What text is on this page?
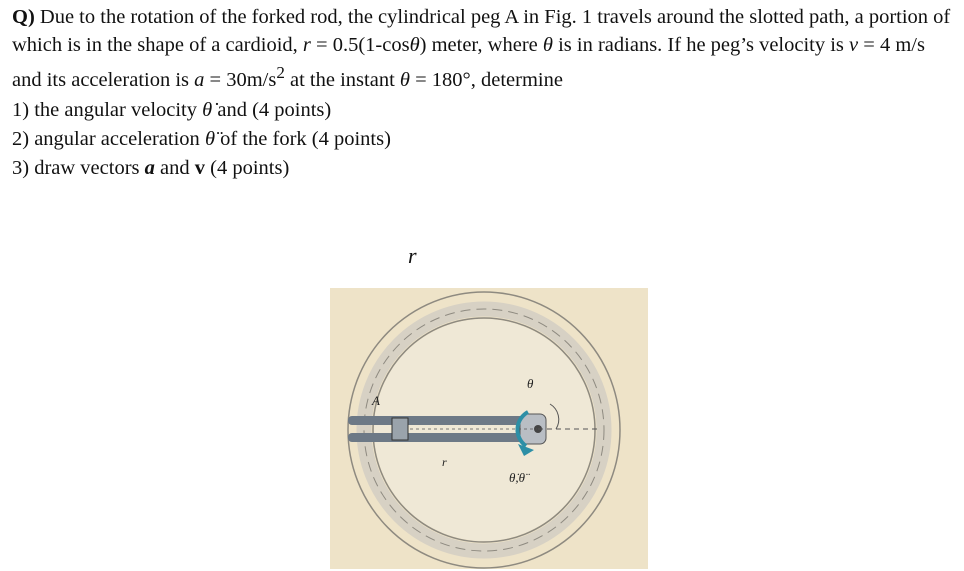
Q) Due to the rotation of the forked rod, the cylindrical peg A in Fig. 1 travels around the slotted path, a portion of which is in the shape of a cardioid, r = 0.5(1-cosθ) meter, where θ is in radians. If he peg’s velocity is v = 4 m/s and its acceleration is $a = 30m/s^2$ at the instant θ = 180°, determine

1) the angular velocity θ̇ and (4 points)
2) angular acceleration θ̈ of the fork (4 points)
3) draw vectors a and v (4 points)
r
A
θ
r
θ̇,θ̈
